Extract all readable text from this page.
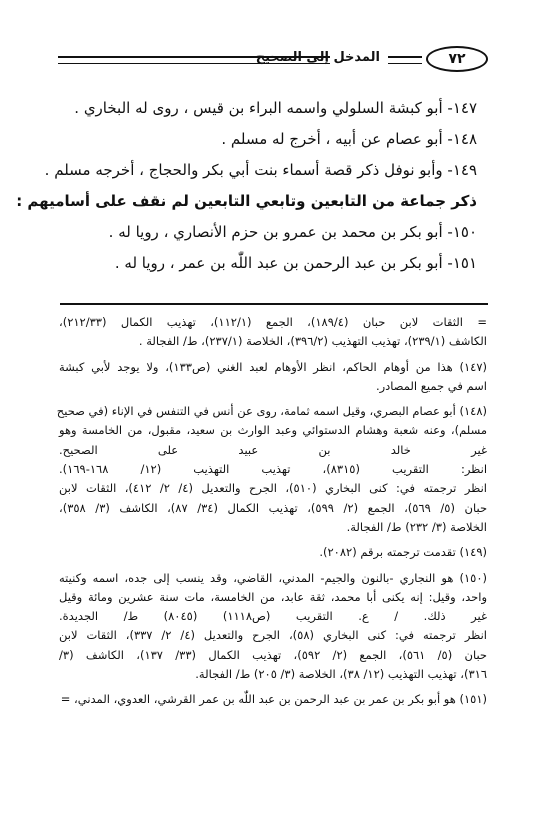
٧٢
المدخل إلى الصحيح
١٤٧- أبو كبشة السلولي واسمه البراء بن قيس ، روى له البخاري .
١٤٨- أبو عصام عن أبيه ، أخرج له مسلم .
١٤٩- وأبو نوفل ذكر قصة أسماء بنت أبي بكر والحجاج ، أخرجه مسلم .
ذكر جماعة من التابعين وتابعي التابعين لم نقف على أساميهم :
١٥٠- أبو بكر بن محمد بن عمرو بن حزم الأنصاري ، رويا له .
١٥١- أبو بكر بن عبد الرحمن بن عبد اللّٰه بن عمر ، رويا له .
= الثقات لابن حبان (١٨٩/٤)، الجمع (١١٢/١)، تهذيب الكمال (٢١٢/٣٣)،
الكاشف (٢٣٩/١)، تهذيب التهذيب (٣٩٦/٢)، الخلاصة (٢٣٧/١)، ط/ الفجالة .
(١٤٧) هذا من أوهام الحاكم، انظر الأوهام لعبد الغني (ص١٣٣)، ولا يوجد لأبي كبشة
اسم في جميع المصادر.
(١٤٨) أبو عصام البصري، وقيل اسمه ثمامة، روى عن أنس في التنفس في الإناء (في صحيح
مسلم)، وعنه شعبة وهشام الدستوائي وعبد الوارث بن سعيد، مقبول، من الخامسة وهو
غير خالد بن عبيد على الصحيح.
انظر: التقريب (٨٣١٥)، تهذيب التهذيب (١٢/ ١٦٨-١٦٩).
انظر ترجمته في: كنى البخاري (٥١٠)، الجرح والتعديل (٤/ ٢/ ٤١٢)، الثقات لابن
حبان (٥/ ٥٦٩)، الجمع (٢/ ٥٩٩)، تهذيب الكمال (٣٤/ ٨٧)، الكاشف (٣/ ٣٥٨)،
الخلاصة (٣/ ٢٣٢) ط/ الفجالة.
(١٤٩) تقدمت ترجمته برقم (٢٠٨٢).
(١٥٠) هو النجاري -بالنون والجيم- المدني، القاضي، وقد ينسب إلى جده، اسمه وكنيته
واحد، وقيل: إنه يكنى أبا محمد، ثقة عابد، من الخامسة، مات سنة عشرين ومائة وقيل
غير ذلك. / ع. التقريب (ص١١١٨) (٨٠٤٥) ط/ الجديدة.
انظر ترجمته في: كنى البخاري (٥٨)، الجرح والتعديل (٤/ ٢/ ٣٣٧)، الثقات لابن
حبان (٥/ ٥٦١)، الجمع (٢/ ٥٩٢)، تهذيب الكمال (٣٣/ ١٣٧)، الكاشف (٣/
٣١٦)، تهذيب التهذيب (١٢/ ٣٨)، الخلاصة (٣/ ٢٠٥) ط/ الفجالة.
(١٥١) هو أبو بكر بن عمر بن عبد الرحمن بن عبد اللّٰه بن عمر القرشي، العدوي، المدني، =
